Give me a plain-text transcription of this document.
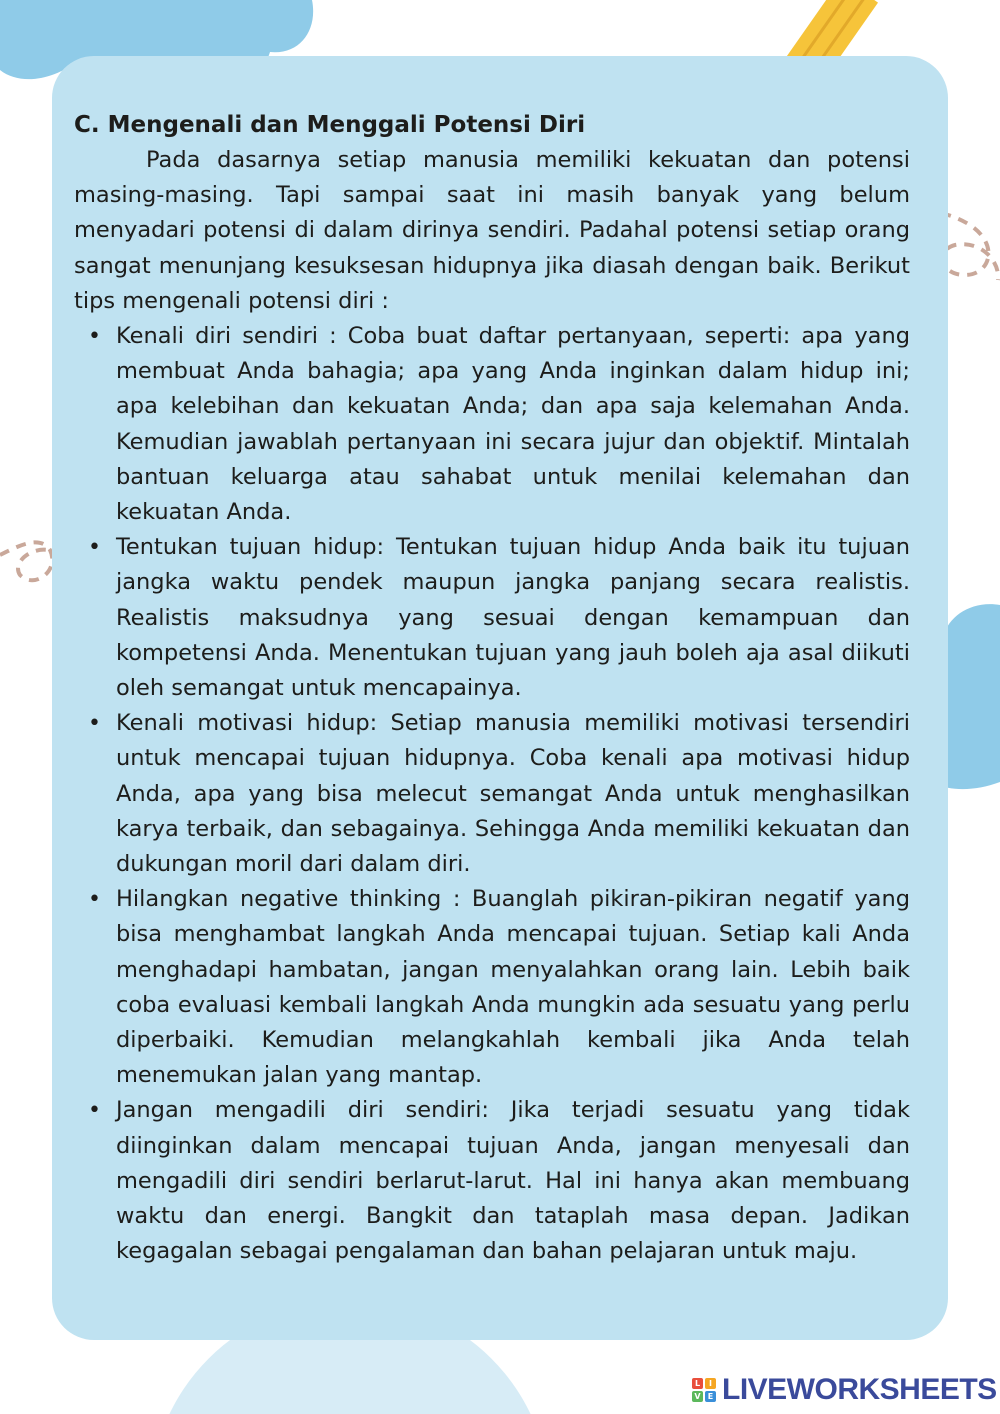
C. Mengenali dan Menggali Potensi Diri

Pada dasarnya setiap manusia memiliki kekuatan dan potensi masing-masing. Tapi sampai saat ini masih banyak yang belum menyadari potensi di dalam dirinya sendiri. Padahal potensi setiap orang sangat menunjang kesuksesan hidupnya jika diasah dengan baik. Berikut tips mengenali potensi diri :

• Kenali diri sendiri : Coba buat daftar pertanyaan, seperti: apa yang membuat Anda bahagia; apa yang Anda inginkan dalam hidup ini; apa kelebihan dan kekuatan Anda; dan apa saja kelemahan Anda. Kemudian jawablah pertanyaan ini secara jujur dan objektif. Mintalah bantuan keluarga atau sahabat untuk menilai kelemahan dan kekuatan Anda.
• Tentukan tujuan hidup: Tentukan tujuan hidup Anda baik itu tujuan jangka waktu pendek maupun jangka panjang secara realistis. Realistis maksudnya yang sesuai dengan kemampuan dan kompetensi Anda. Menentukan tujuan yang jauh boleh aja asal diikuti oleh semangat untuk mencapainya.
• Kenali motivasi hidup: Setiap manusia memiliki motivasi tersendiri untuk mencapai tujuan hidupnya. Coba kenali apa motivasi hidup Anda, apa yang bisa melecut semangat Anda untuk menghasilkan karya terbaik, dan sebagainya. Sehingga Anda memiliki kekuatan dan dukungan moril dari dalam diri.
• Hilangkan negative thinking : Buanglah pikiran-pikiran negatif yang bisa menghambat langkah Anda mencapai tujuan. Setiap kali Anda menghadapi hambatan, jangan menyalahkan orang lain. Lebih baik coba evaluasi kembali langkah Anda mungkin ada sesuatu yang perlu diperbaiki. Kemudian melangkahlah kembali jika Anda telah menemukan jalan yang mantap.
• Jangan mengadili diri sendiri: Jika terjadi sesuatu yang tidak diinginkan dalam mencapai tujuan Anda, jangan menyesali dan mengadili diri sendiri berlarut-larut. Hal ini hanya akan membuang waktu dan energi. Bangkit dan tataplah masa depan. Jadikan kegagalan sebagai pengalaman dan bahan pelajaran untuk maju.
L	I
V E LIVEWORKSHEETS
